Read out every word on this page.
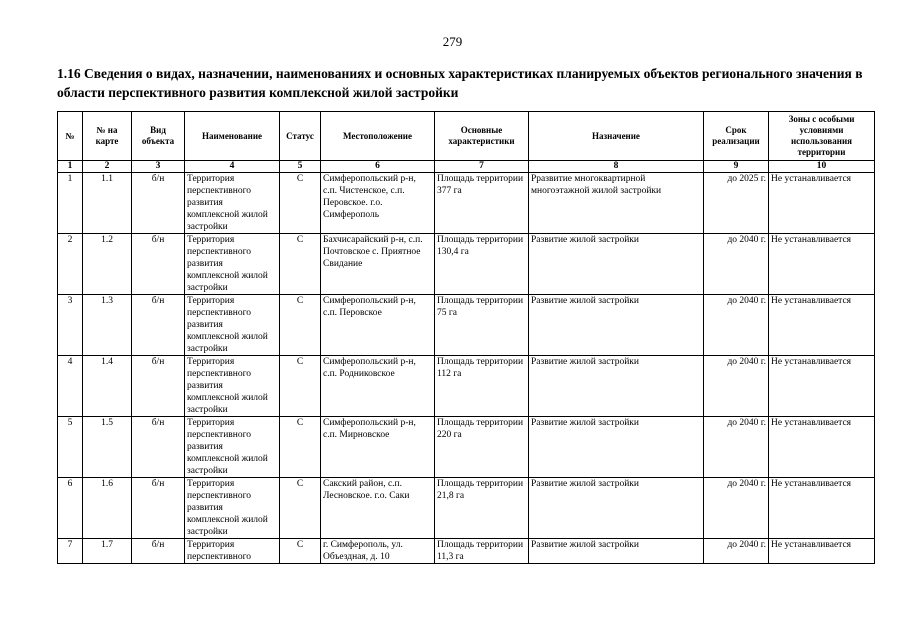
279
1.16 Сведения о видах, назначении, наименованиях и основных характеристиках планируемых объектов регионального значения в области перспективного развития комплексной жилой застройки
№	№ на карте	Вид объекта	Наименование	Статус	Местоположение	Основные характеристики	Назначение	Срок реализации	Зоны с особыми условиями использования территории
1	2	3	4	5	6	7	8	9	10
1	1.1	б/н	Территория перспективного развития комплексной жилой застройки	С	Симферопольский р-н, с.п. Чистенское, с.п. Перовское. г.о. Симферополь	Площадь территории 377 га	Рразвитие многоквартирной многоэтажной жилой застройки	до 2025 г.	Не устанавливается
2	1.2	б/н	Территория перспективного развития комплексной жилой застройки	С	Бахчисарайский р-н, с.п. Почтовское с. Приятное Свидание	Площадь территории 130,4 га	Развитие жилой застройки	до 2040 г.	Не устанавливается
3	1.3	б/н	Территория перспективного развития комплексной жилой застройки	С	Симферопольский р-н, с.п. Перовское	Площадь территории 75 га	Развитие жилой застройки	до 2040 г.	Не устанавливается
4	1.4	б/н	Территория перспективного развития комплексной жилой застройки	С	Симферопольский р-н, с.п. Родниковское	Площадь территории 112 га	Развитие жилой застройки	до 2040 г.	Не устанавливается
5	1.5	б/н	Территория перспективного развития комплексной жилой застройки	С	Симферопольский р-н, с.п. Мирновское	Площадь территории 220 га	Развитие жилой застройки	до 2040 г.	Не устанавливается
6	1.6	б/н	Территория перспективного развития комплексной жилой застройки	С	Сакский район, с.п. Лесновское. г.о. Саки	Площадь территории 21,8 га	Развитие жилой застройки	до 2040 г.	Не устанавливается
7	1.7	б/н	Территория перспективного	С	г. Симферополь, ул. Объездная, д. 10	Площадь территории 11,3 га	Развитие жилой застройки	до 2040 г.	Не устанавливается
